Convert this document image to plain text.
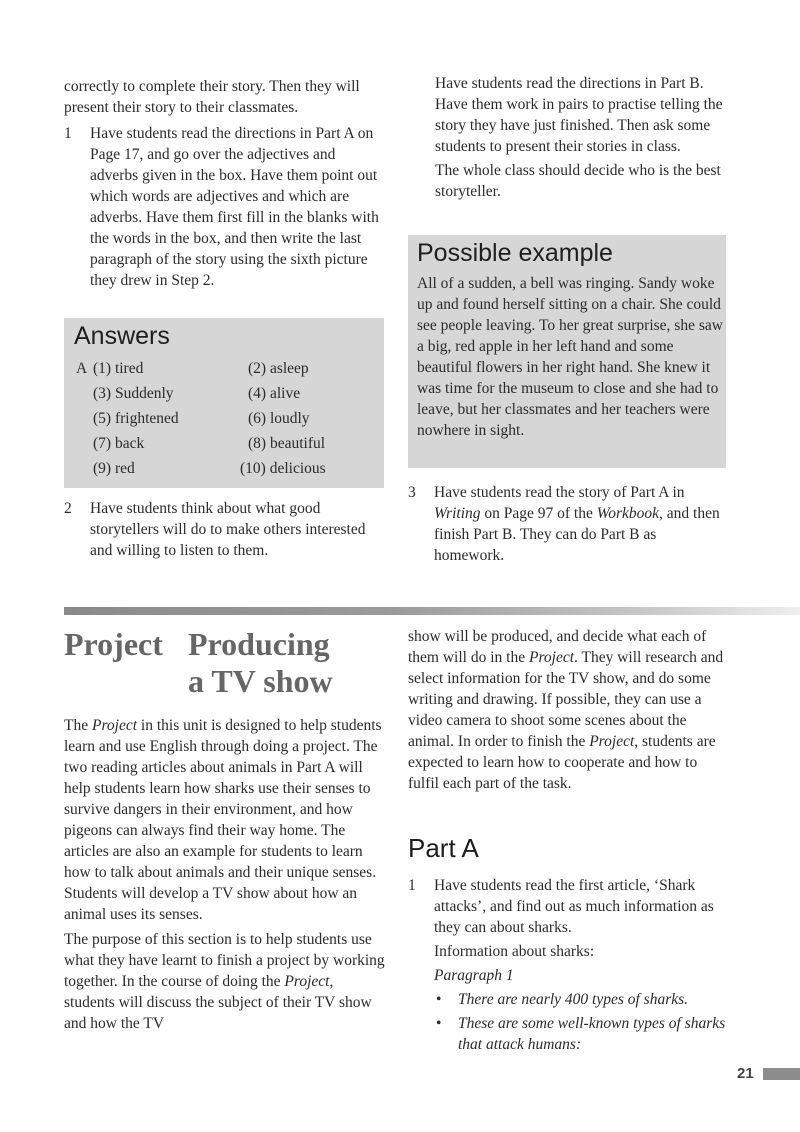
correctly to complete their story. Then they will present their story to their classmates.

1 Have students read the directions in Part A on Page 17, and go over the adjectives and adverbs given in the box. Have them point out which words are adjectives and which are adverbs. Have them first fill in the blanks with the words in the box, and then write the last paragraph of the story using the sixth picture they drew in Step 2.
Answers
A (1) tired	(2) asleep
(3) Suddenly	(4) alive
(5) frightened	(6) loudly
(7) back	(8) beautiful
(9) red	(10) delicious
2 Have students think about what good storytellers will do to make others interested and willing to listen to them.

Have students read the directions in Part B. Have them work in pairs to practise telling the story they have just finished. Then ask some students to present their stories in class.

The whole class should decide who is the best storyteller.

Possible example

All of a sudden, a bell was ringing. Sandy woke up and found herself sitting on a chair. She could see people leaving. To her great surprise, she saw a big, red apple in her left hand and some beautiful flowers in her right hand. She knew it was time for the museum to close and she had to leave, but her classmates and her teachers were nowhere in sight.

3 Have students read the story of Part A in Writing on Page 97 of the Workbook, and then finish Part B. They can do Part B as homework.
Project Producing
a TV show

The Project in this unit is designed to help students learn and use English through doing a project. The two reading articles about animals in Part A will help students learn how sharks use their senses to survive dangers in their environment, and how pigeons can always find their way home. The articles are also an example for students to learn how to talk about animals and their unique senses. Students will develop a TV show about how an animal uses its senses.

The purpose of this section is to help students use what they have learnt to finish a project by working together. In the course of doing the Project, students will discuss the subject of their TV show and how the TV

show will be produced, and decide what each of them will do in the Project. They will research and select information for the TV show, and do some writing and drawing. If possible, they can use a video camera to shoot some scenes about the animal. In order to finish the Project, students are expected to learn how to cooperate and how to fulfil each part of the task.

Part A
1 Have students read the first article, ‘Shark attacks’, and find out as much information as they can about sharks.

Information about sharks:

Paragraph 1

• There are nearly 400 types of sharks.
• These are some well-known types of sharks that attack humans:
21
